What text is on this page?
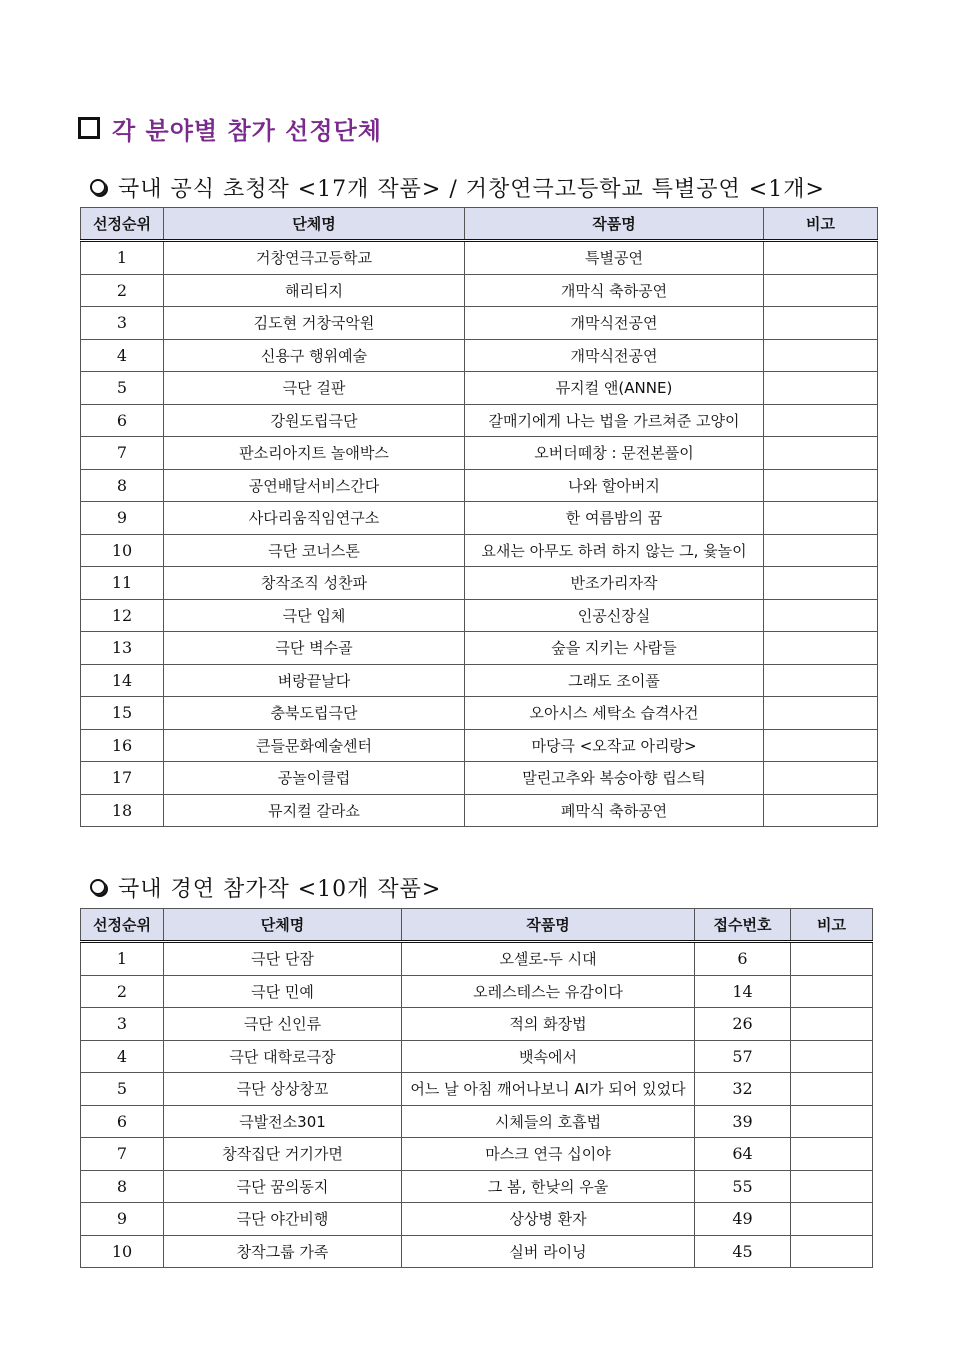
각 분야별 참가 선정단체
국내 공식 초청작 <17개 작품> / 거창연극고등학교 특별공연 <1개>
선정순위	단체명	작품명	비고
1	거창연극고등학교	특별공연	
2	해리티지	개막식 축하공연	
3	김도현 거창국악원	개막식전공연	
4	신용구 행위예술	개막식전공연	
5	극단 걸판	뮤지컬 앤(ANNE)	
6	강원도립극단	갈매기에게 나는 법을 가르쳐준 고양이	
7	판소리아지트 놀애박스	오버더떼창 : 문전본풀이	
8	공연배달서비스간다	나와 할아버지	
9	사다리움직임연구소	한 여름밤의 꿈	
10	극단 코너스톤	요새는 아무도 하려 하지 않는 그, 윷놀이	
11	창작조직 성찬파	반조가리자작	
12	극단 입체	인공신장실	
13	극단 벽수골	숲을 지키는 사람들	
14	벼랑끝날다	그래도 조이풀	
15	충북도립극단	오아시스 세탁소 습격사건	
16	큰들문화예술센터	마당극 <오작교 아리랑>	
17	공놀이클럽	말린고추와 복숭아향 립스틱	
18	뮤지컬 갈라쇼	폐막식 축하공연	
국내 경연 참가작 <10개 작품>
선정순위	단체명	작품명	접수번호	비고
1	극단 단잠	오셀로-두 시대	6	
2	극단 민예	오레스테스는 유감이다	14	
3	극단 신인류	적의 화장법	26	
4	극단 대학로극장	뱃속에서	57	
5	극단 상상창꼬	어느 날 아침 깨어나보니 AI가 되어 있었다	32	
6	극발전소301	시체들의 호흡법	39	
7	창작집단 거기가면	마스크 연극 십이야	64	
8	극단 꿈의동지	그 봄, 한낮의 우울	55	
9	극단 야간비행	상상병 환자	49	
10	창작그룹 가족	실버 라이닝	45	
